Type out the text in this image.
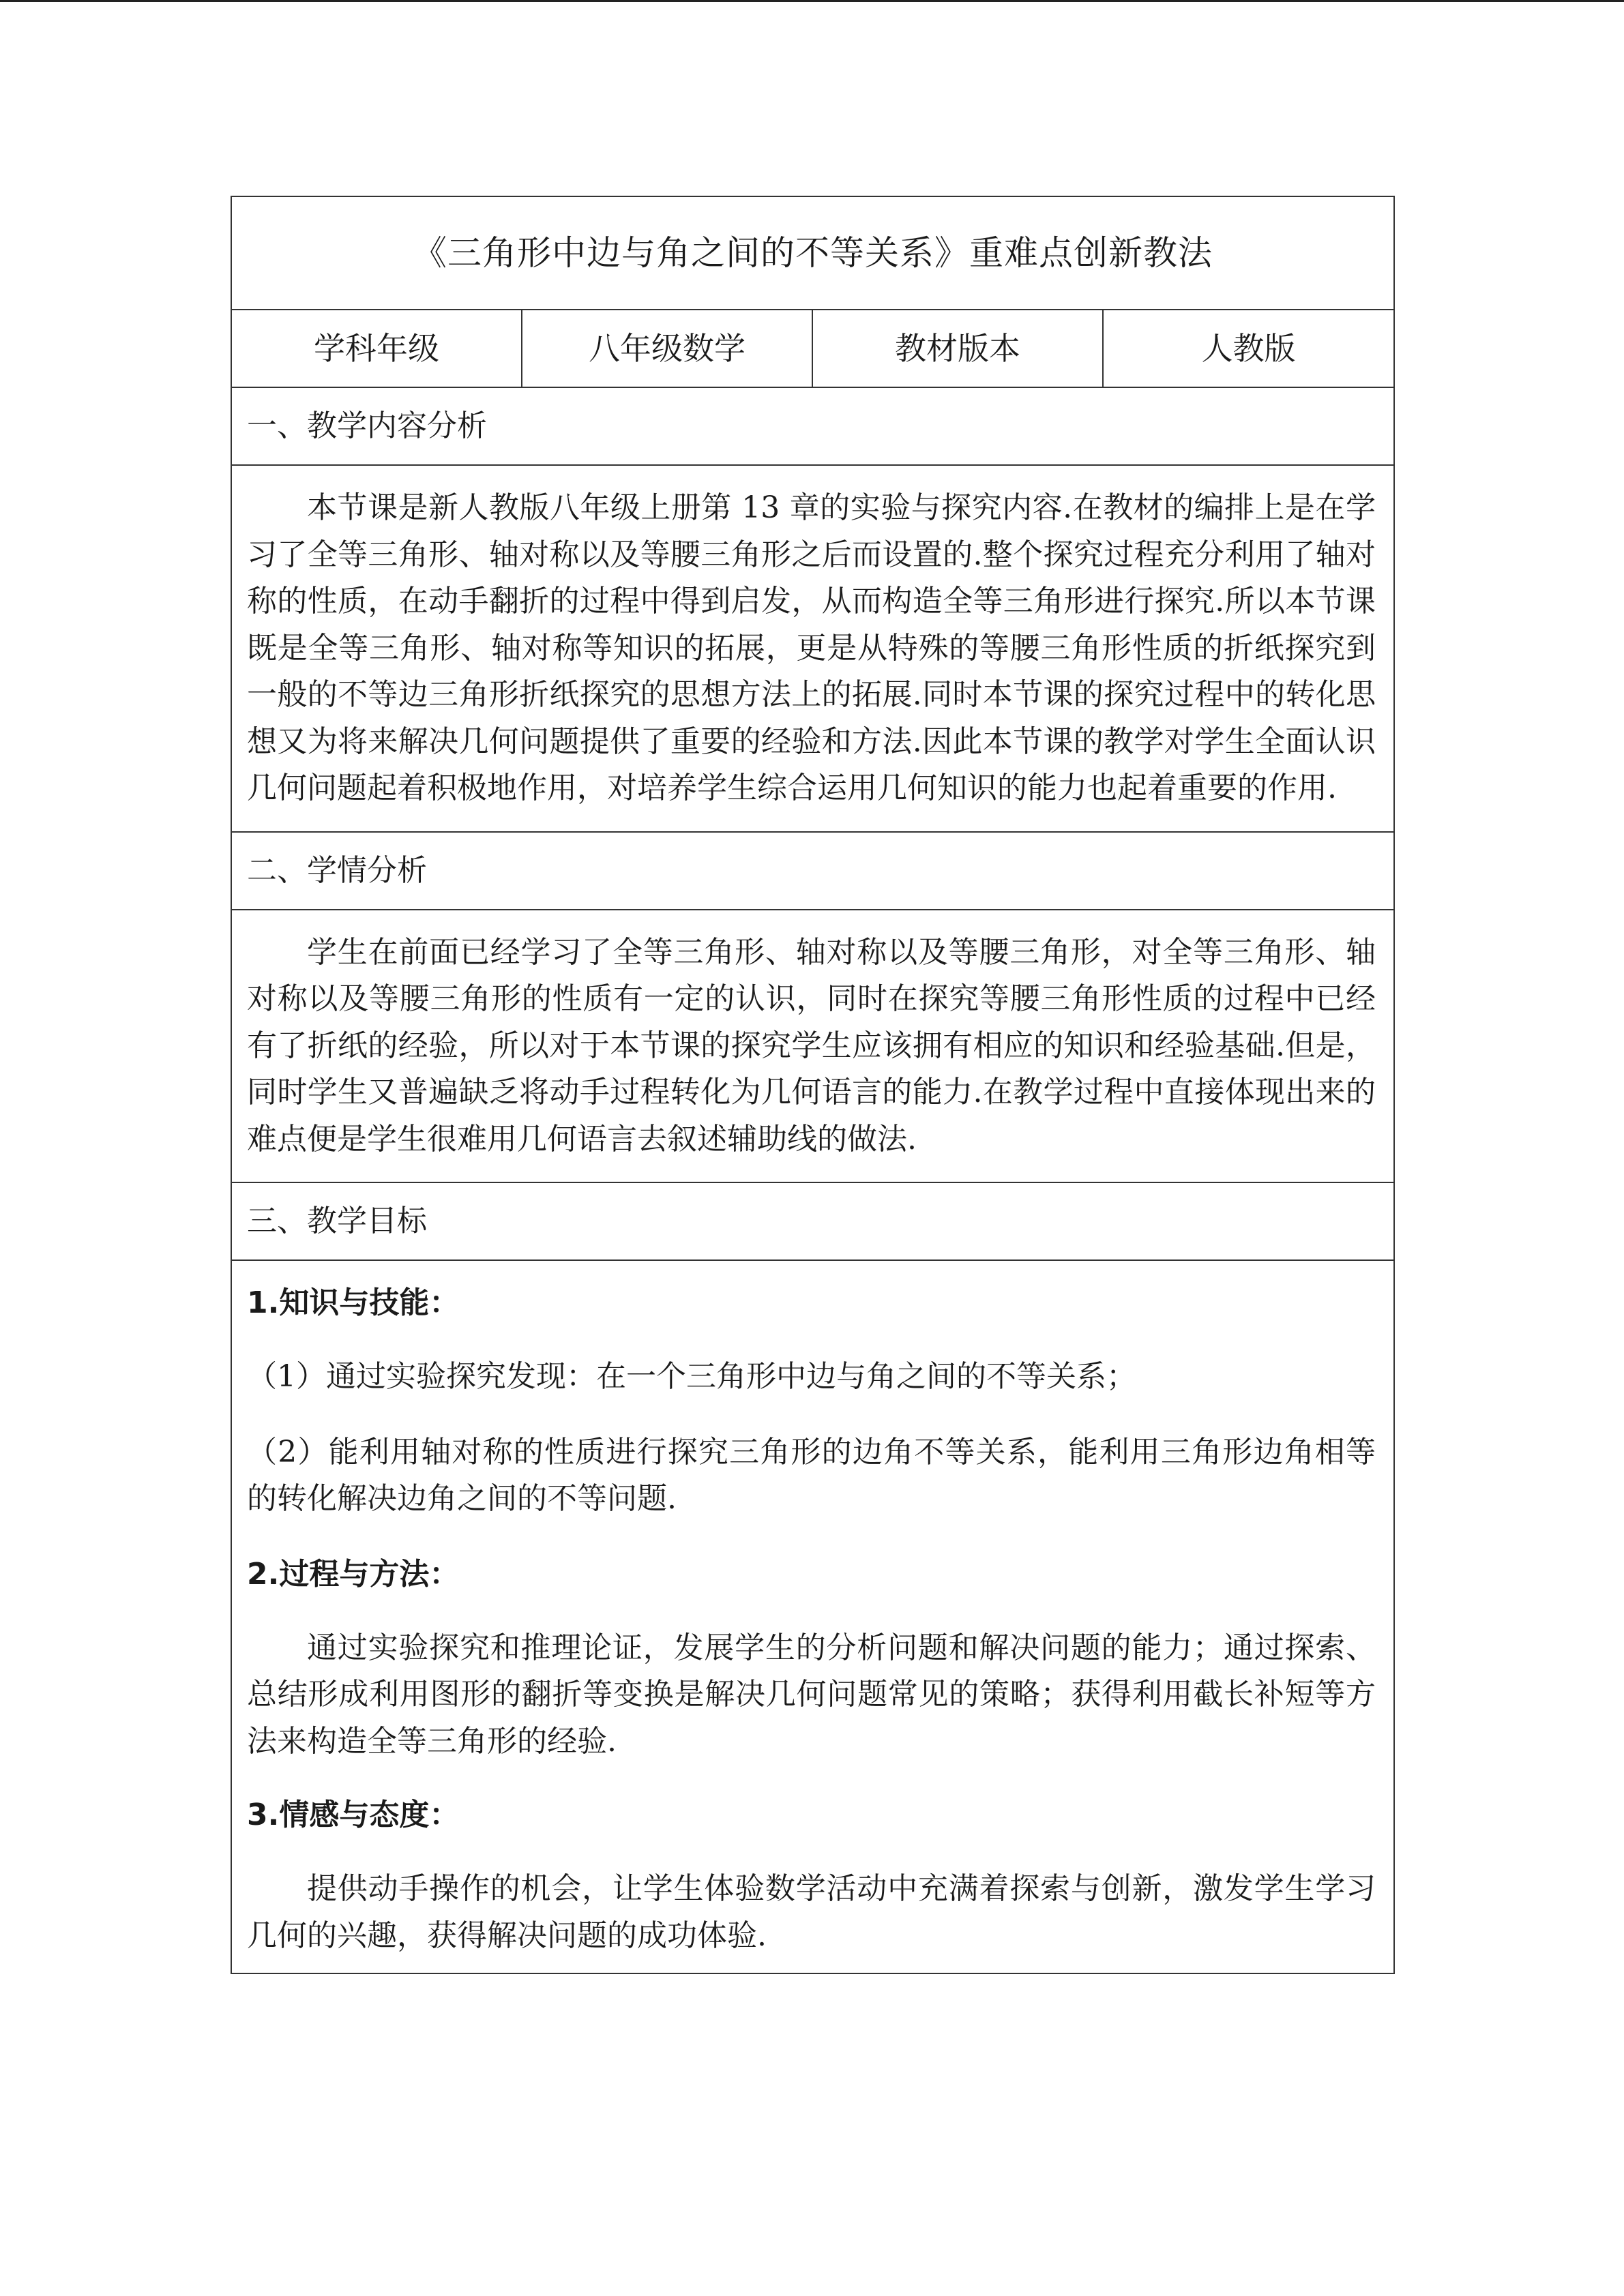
《三角形中边与角之间的不等关系》重难点创新教法
学科年级	八年级数学	教材版本	人教版
一、教学内容分析

本节课是新人教版八年级上册第 13 章的实验与探究内容.在教材的编排上是在学习了全等三角形、轴对称以及等腰三角形之后而设置的.整个探究过程充分利用了轴对称的性质，在动手翻折的过程中得到启发，从而构造全等三角形进行探究.所以本节课既是全等三角形、轴对称等知识的拓展，更是从特殊的等腰三角形性质的折纸探究到一般的不等边三角形折纸探究的思想方法上的拓展.同时本节课的探究过程中的转化思想又为将来解决几何问题提供了重要的经验和方法.因此本节课的教学对学生全面认识几何问题起着积极地作用，对培养学生综合运用几何知识的能力也起着重要的作用.

二、学情分析

学生在前面已经学习了全等三角形、轴对称以及等腰三角形，对全等三角形、轴对称以及等腰三角形的性质有一定的认识，同时在探究等腰三角形性质的过程中已经有了折纸的经验，所以对于本节课的探究学生应该拥有相应的知识和经验基础.但是，同时学生又普遍缺乏将动手过程转化为几何语言的能力.在教学过程中直接体现出来的难点便是学生很难用几何语言去叙述辅助线的做法.

三、教学目标

1.知识与技能：

（1）通过实验探究发现：在一个三角形中边与角之间的不等关系；

（2）能利用轴对称的性质进行探究三角形的边角不等关系，能利用三角形边角相等的转化解决边角之间的不等问题.

2.过程与方法：

通过实验探究和推理论证，发展学生的分析问题和解决问题的能力；通过探索、总结形成利用图形的翻折等变换是解决几何问题常见的策略；获得利用截长补短等方法来构造全等三角形的经验.

3.情感与态度：

提供动手操作的机会，让学生体验数学活动中充满着探索与创新，激发学生学习几何的兴趣，获得解决问题的成功体验.
